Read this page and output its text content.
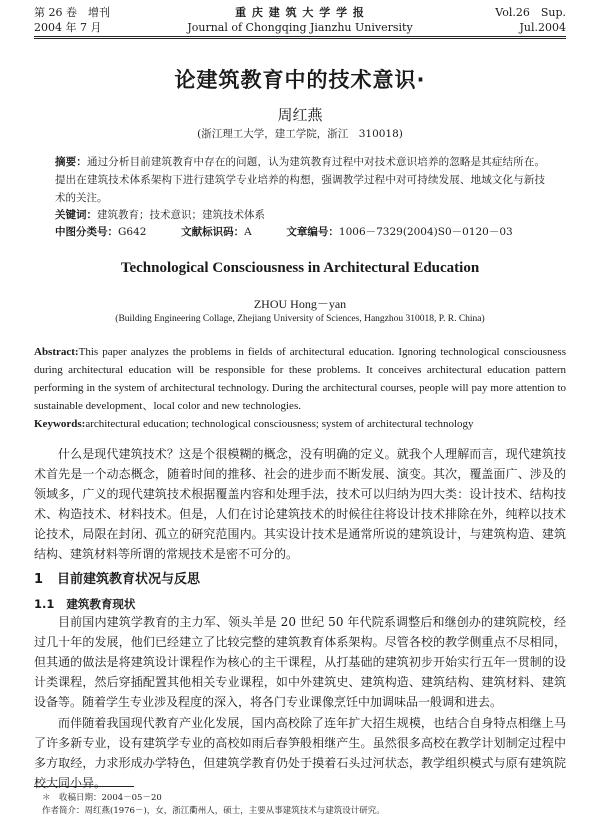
第 26 卷　增刊
2004 年 7 月
重 庆 建 筑 大 学 学 报
Journal of Chongqing Jianzhu University
Vol.26　Sup.
Jul.2004
论建筑教育中的技术意识·
周红燕
(浙江理工大学，建工学院，浙江　310018)
摘要：通过分析目前建筑教育中存在的问题，认为建筑教育过程中对技术意识培养的忽略是其症结所在。提出在建筑技术体系架构下进行建筑学专业培养的构想，强调教学过程中对可持续发展、地域文化与新技术的关注。
关键词：建筑教育；技术意识；建筑技术体系
中图分类号：G642	文献标识码：A	文章编号：1006－7329(2004)S0－0120－03
Technological Consciousness in Architectural Education
ZHOU Hong－yan
(Building Engineering Collage, Zhejiang University of Sciences, Hangzhou 310018, P. R. China)
Abstract:This paper analyzes the problems in fields of architectural education. Ignoring technological consciousness during architectural education will be responsible for these problems. It conceives architectural education pattern performing in the system of architectural technology. During the architectural courses, people will pay more attention to sustainable development、local color and new technologies.
Keywords:architectural education; technological consciousness; system of architectural technology
什么是现代建筑技术？这是个很模糊的概念，没有明确的定义。就我个人理解而言，现代建筑技术首先是一个动态概念，随着时间的推移、社会的进步而不断发展、演变。其次，覆盖面广、涉及的领域多，广义的现代建筑技术根据覆盖内容和处理手法，技术可以归纳为四大类：设计技术、结构技术、构造技术、材料技术。但是，人们在讨论建筑技术的时候往往将设计技术排除在外，纯粹以技术论技术，局限在封闭、孤立的研究范围内。其实设计技术是通常所说的建筑设计，与建筑构造、建筑结构、建筑材料等所谓的常规技术是密不可分的。
1 目前建筑教育状况与反思
1.1 建筑教育现状
目前国内建筑学教育的主力军、领头羊是 20 世纪 50 年代院系调整后和继创办的建筑院校，经过几十年的发展，他们已经建立了比较完整的建筑教育体系架构。尽管各校的教学侧重点不尽相同，但其通的做法是将建筑设计课程作为核心的主干课程，从打基础的建筑初步开始实行五年一贯制的设计类课程，然后穿插配置其他相关专业课程，如中外建筑史、建筑构造、建筑结构、建筑材料、建筑设备等。随着学生专业涉及程度的深入，将各门专业课像烹饪中加调味品一般调和进去。
而伴随着我国现代教育产业化发展，国内高校除了连年扩大招生规模，也结合自身特点相继上马了许多新专业，设有建筑学专业的高校如雨后春笋般相继产生。虽然很多高校在教学计划制定过程中多方取经，力求形成办学特色，但建筑学教育仍处于摸着石头过河状态，教学组织模式与原有建筑院校大同小异。
＊　收稿日期：2004－05－20
作者简介：周红燕(1976－)，女，浙江衢州人，硕士，主要从事建筑技术与建筑设计研究。
